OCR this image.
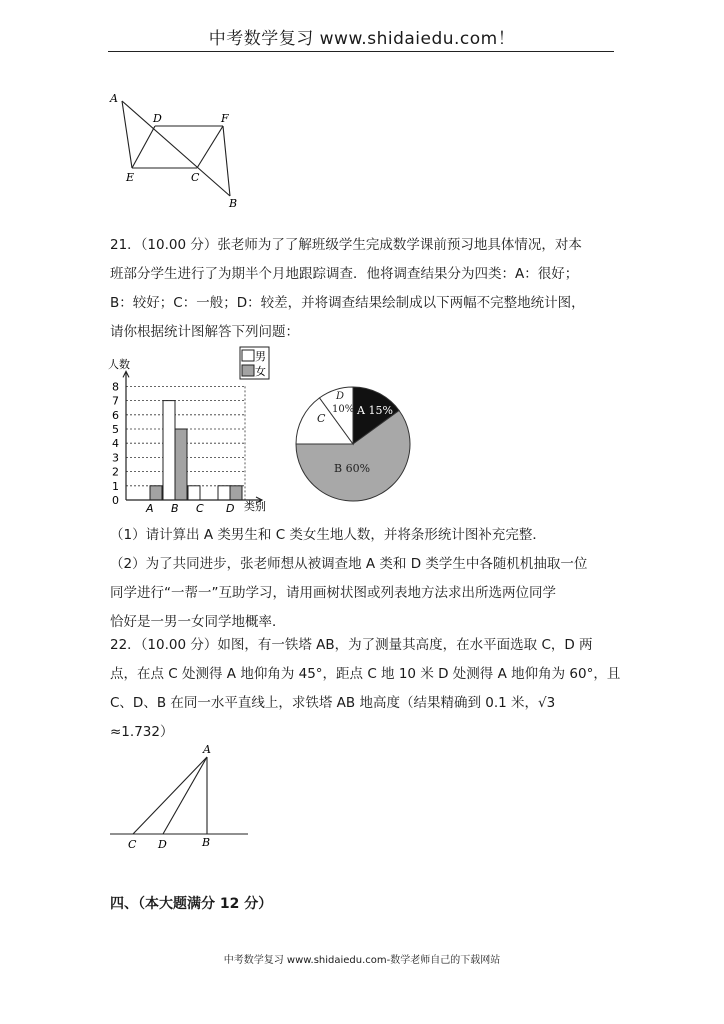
中考数学复习 www.shidaiedu.com！
A
D	F
E	C
B
21．（10.00 分）张老师为了了解班级学生完成数学课前预习地具体情况，对本
班部分学生进行了为期半个月地跟踪调查．他将调查结果分为四类：A：很好；
B：较好；C：一般；D：较差，并将调查结果绘制成以下两幅不完整地统计图，
请你根据统计图解答下列问题：
人数
类别
0
1
2
3
4
5
6
7
8
A B C D
男
女
A 15%
B 60%
C
D
10%
（1）请计算出 A 类男生和 C 类女生地人数，并将条形统计图补充完整．
（2）为了共同进步，张老师想从被调查地 A 类和 D 类学生中各随机机抽取一位
同学进行“一帮一”互助学习，请用画树状图或列表地方法求出所选两位同学
恰好是一男一女同学地概率．
22．（10.00 分）如图，有一铁塔 AB，为了测量其高度，在水平面选取 C，D 两
点，在点 C 处测得 A 地仰角为 45°，距点 C 地 10 米 D 处测得 A 地仰角为 60°，且
C、D、B 在同一水平直线上，求铁塔 AB 地高度（结果精确到 0.1 米，√3
≈1.732）
A
C D	B
四、（本大题满分 12 分）
中考数学复习 www.shidaiedu.com-数学老师自己的下载网站
